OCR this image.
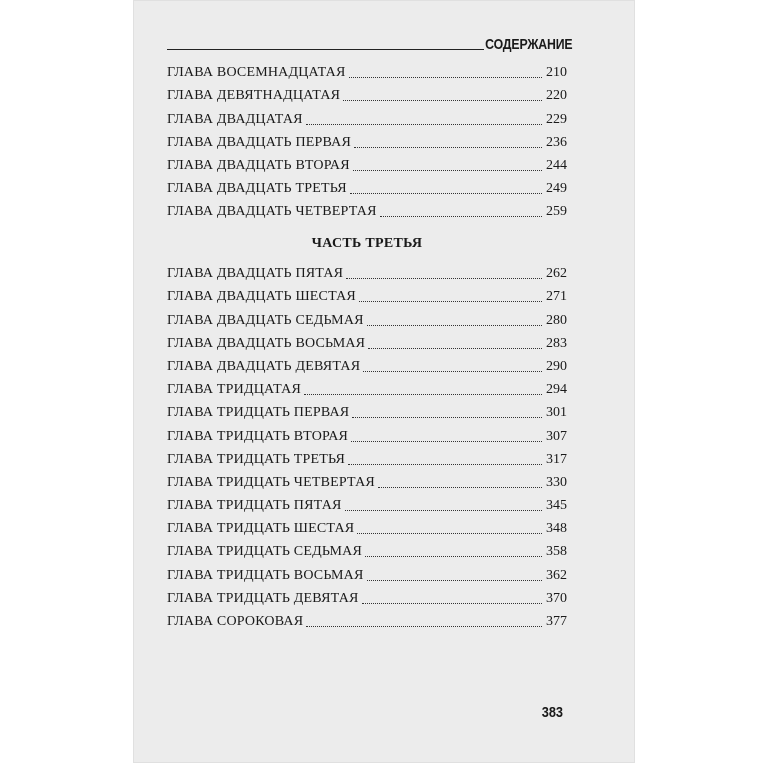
СОДЕРЖАНИЕ
ГЛАВА ВОСЕМНАДЦАТАЯ	210
ГЛАВА ДЕВЯТНАДЦАТАЯ	220
ГЛАВА ДВАДЦАТАЯ	229
ГЛАВА ДВАДЦАТЬ ПЕРВАЯ	236
ГЛАВА ДВАДЦАТЬ ВТОРАЯ	244
ГЛАВА ДВАДЦАТЬ ТРЕТЬЯ	249
ГЛАВА ДВАДЦАТЬ ЧЕТВЕРТАЯ	259
ЧАСТЬ ТРЕТЬЯ
ГЛАВА ДВАДЦАТЬ ПЯТАЯ	262
ГЛАВА ДВАДЦАТЬ ШЕСТАЯ	271
ГЛАВА ДВАДЦАТЬ СЕДЬМАЯ	280
ГЛАВА ДВАДЦАТЬ ВОСЬМАЯ	283
ГЛАВА ДВАДЦАТЬ ДЕВЯТАЯ	290
ГЛАВА ТРИДЦАТАЯ	294
ГЛАВА ТРИДЦАТЬ ПЕРВАЯ	301
ГЛАВА ТРИДЦАТЬ ВТОРАЯ	307
ГЛАВА ТРИДЦАТЬ ТРЕТЬЯ	317
ГЛАВА ТРИДЦАТЬ ЧЕТВЕРТАЯ	330
ГЛАВА ТРИДЦАТЬ ПЯТАЯ	345
ГЛАВА ТРИДЦАТЬ ШЕСТАЯ	348
ГЛАВА ТРИДЦАТЬ СЕДЬМАЯ	358
ГЛАВА ТРИДЦАТЬ ВОСЬМАЯ	362
ГЛАВА ТРИДЦАТЬ ДЕВЯТАЯ	370
ГЛАВА СОРОКОВАЯ	377
383
